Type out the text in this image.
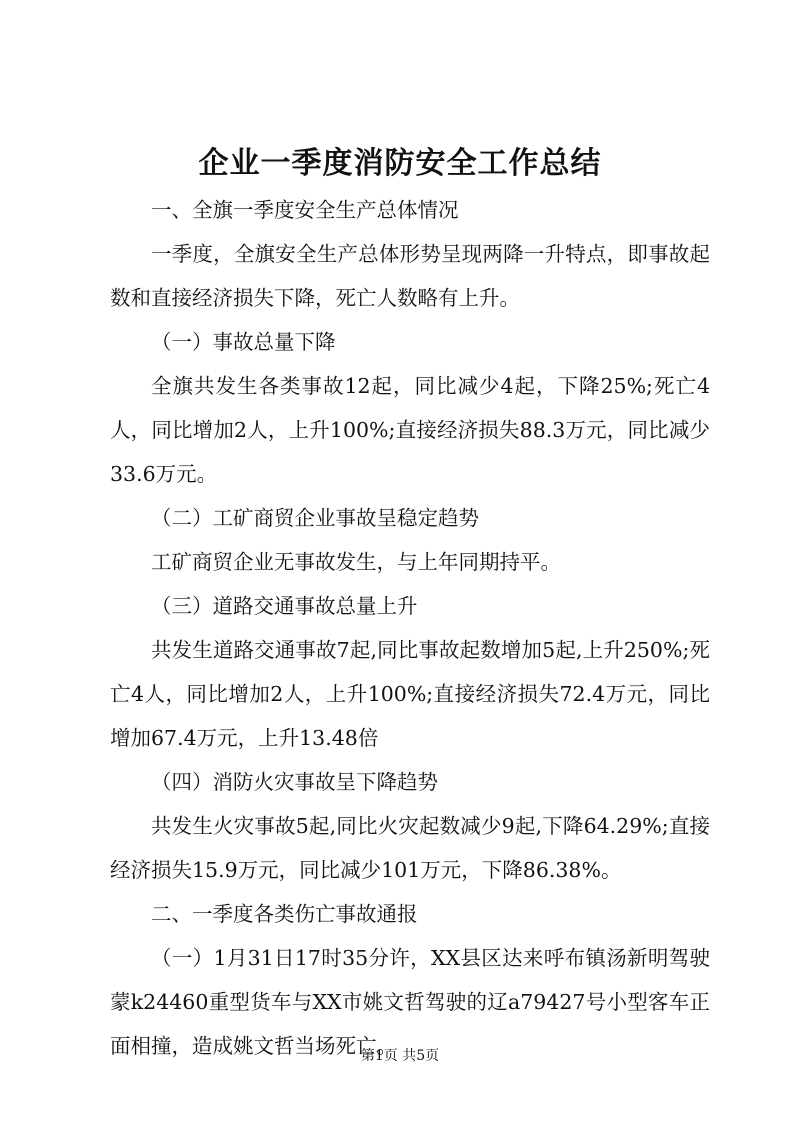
企业一季度消防安全工作总结

一、全旗一季度安全生产总体情况

一季度，全旗安全生产总体形势呈现两降一升特点，即事故起数和直接经济损失下降，死亡人数略有上升。

（一）事故总量下降

全旗共发生各类事故12起，同比减少4起，下降25%;死亡4人，同比增加2人，上升100%;直接经济损失88.3万元，同比减少33.6万元。

（二）工矿商贸企业事故呈稳定趋势

工矿商贸企业无事故发生，与上年同期持平。

（三）道路交通事故总量上升

共发生道路交通事故7起,同比事故起数增加5起,上升250%;死亡4人，同比增加2人，上升100%;直接经济损失72.4万元，同比增加67.4万元，上升13.48倍

（四）消防火灾事故呈下降趋势

共发生火灾事故5起,同比火灾起数减少9起,下降64.29%;直接经济损失15.9万元，同比减少101万元，下降86.38%。

二、一季度各类伤亡事故通报

（一）1月31日17时35分许，XX县区达来呼布镇汤新明驾驶蒙k24460重型货车与XX市姚文哲驾驶的辽a79427号小型客车正面相撞，造成姚文哲当场死亡。

第1页 共5页
